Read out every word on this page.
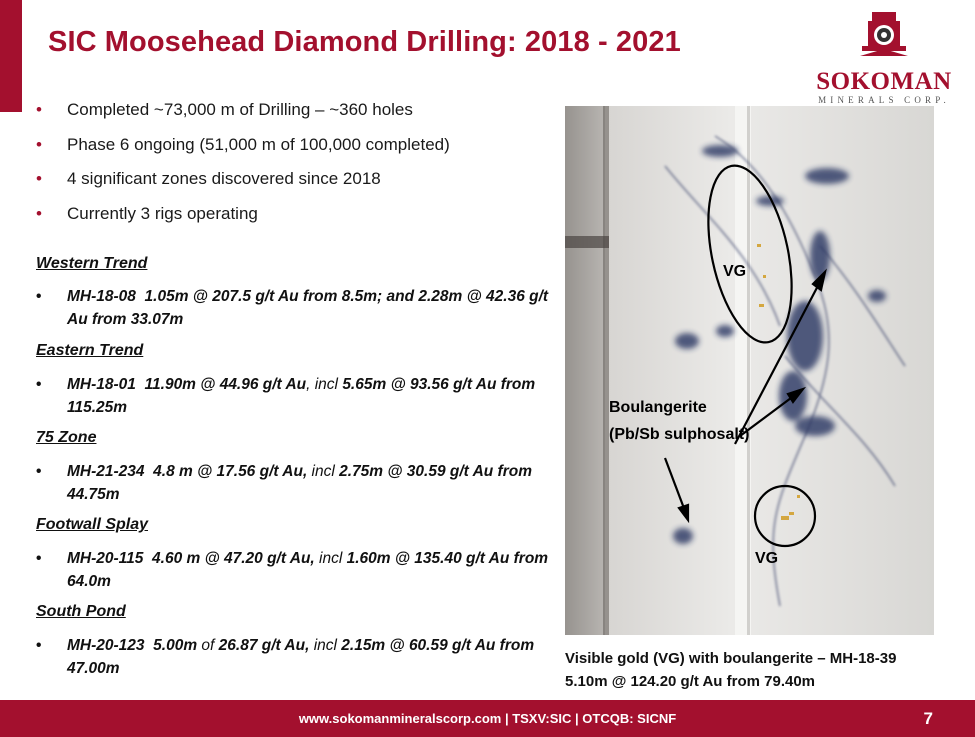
SIC Moosehead Diamond Drilling: 2018 - 2021
SOKOMAN
MINERALS CORP.
• Completed ~73,000 m of Drilling – ~360 holes
• Phase 6 ongoing (51,000 m of 100,000 completed)
• 4 significant zones discovered since 2018
• Currently 3 rigs operating
Western Trend
•	MH-18-08 1.05m @ 207.5 g/t Au from 8.5m; and 2.28m @ 42.36 g/t Au from 33.07m
Eastern Trend
•	MH-18-01 11.90m @ 44.96 g/t Au, incl 5.65m @ 93.56 g/t Au from 115.25m
75 Zone
•	MH-21-234 4.8 m @ 17.56 g/t Au, incl 2.75m @ 30.59 g/t Au from 44.75m
Footwall Splay
•	MH-20-115 4.60 m @ 47.20 g/t Au, incl 1.60m @ 135.40 g/t Au from 64.0m
South Pond
•	MH-20-123 5.00m of 26.87 g/t Au, incl 2.15m @ 60.59 g/t Au from 47.00m
VG
VG
Boulangerite
(Pb/Sb sulphosalt)
Visible gold (VG) with boulangerite – MH-18-39
5.10m @ 124.20 g/t Au from 79.40m
www.sokomanmineralscorp.com | TSXV:SIC | OTCQB: SICNF	7
